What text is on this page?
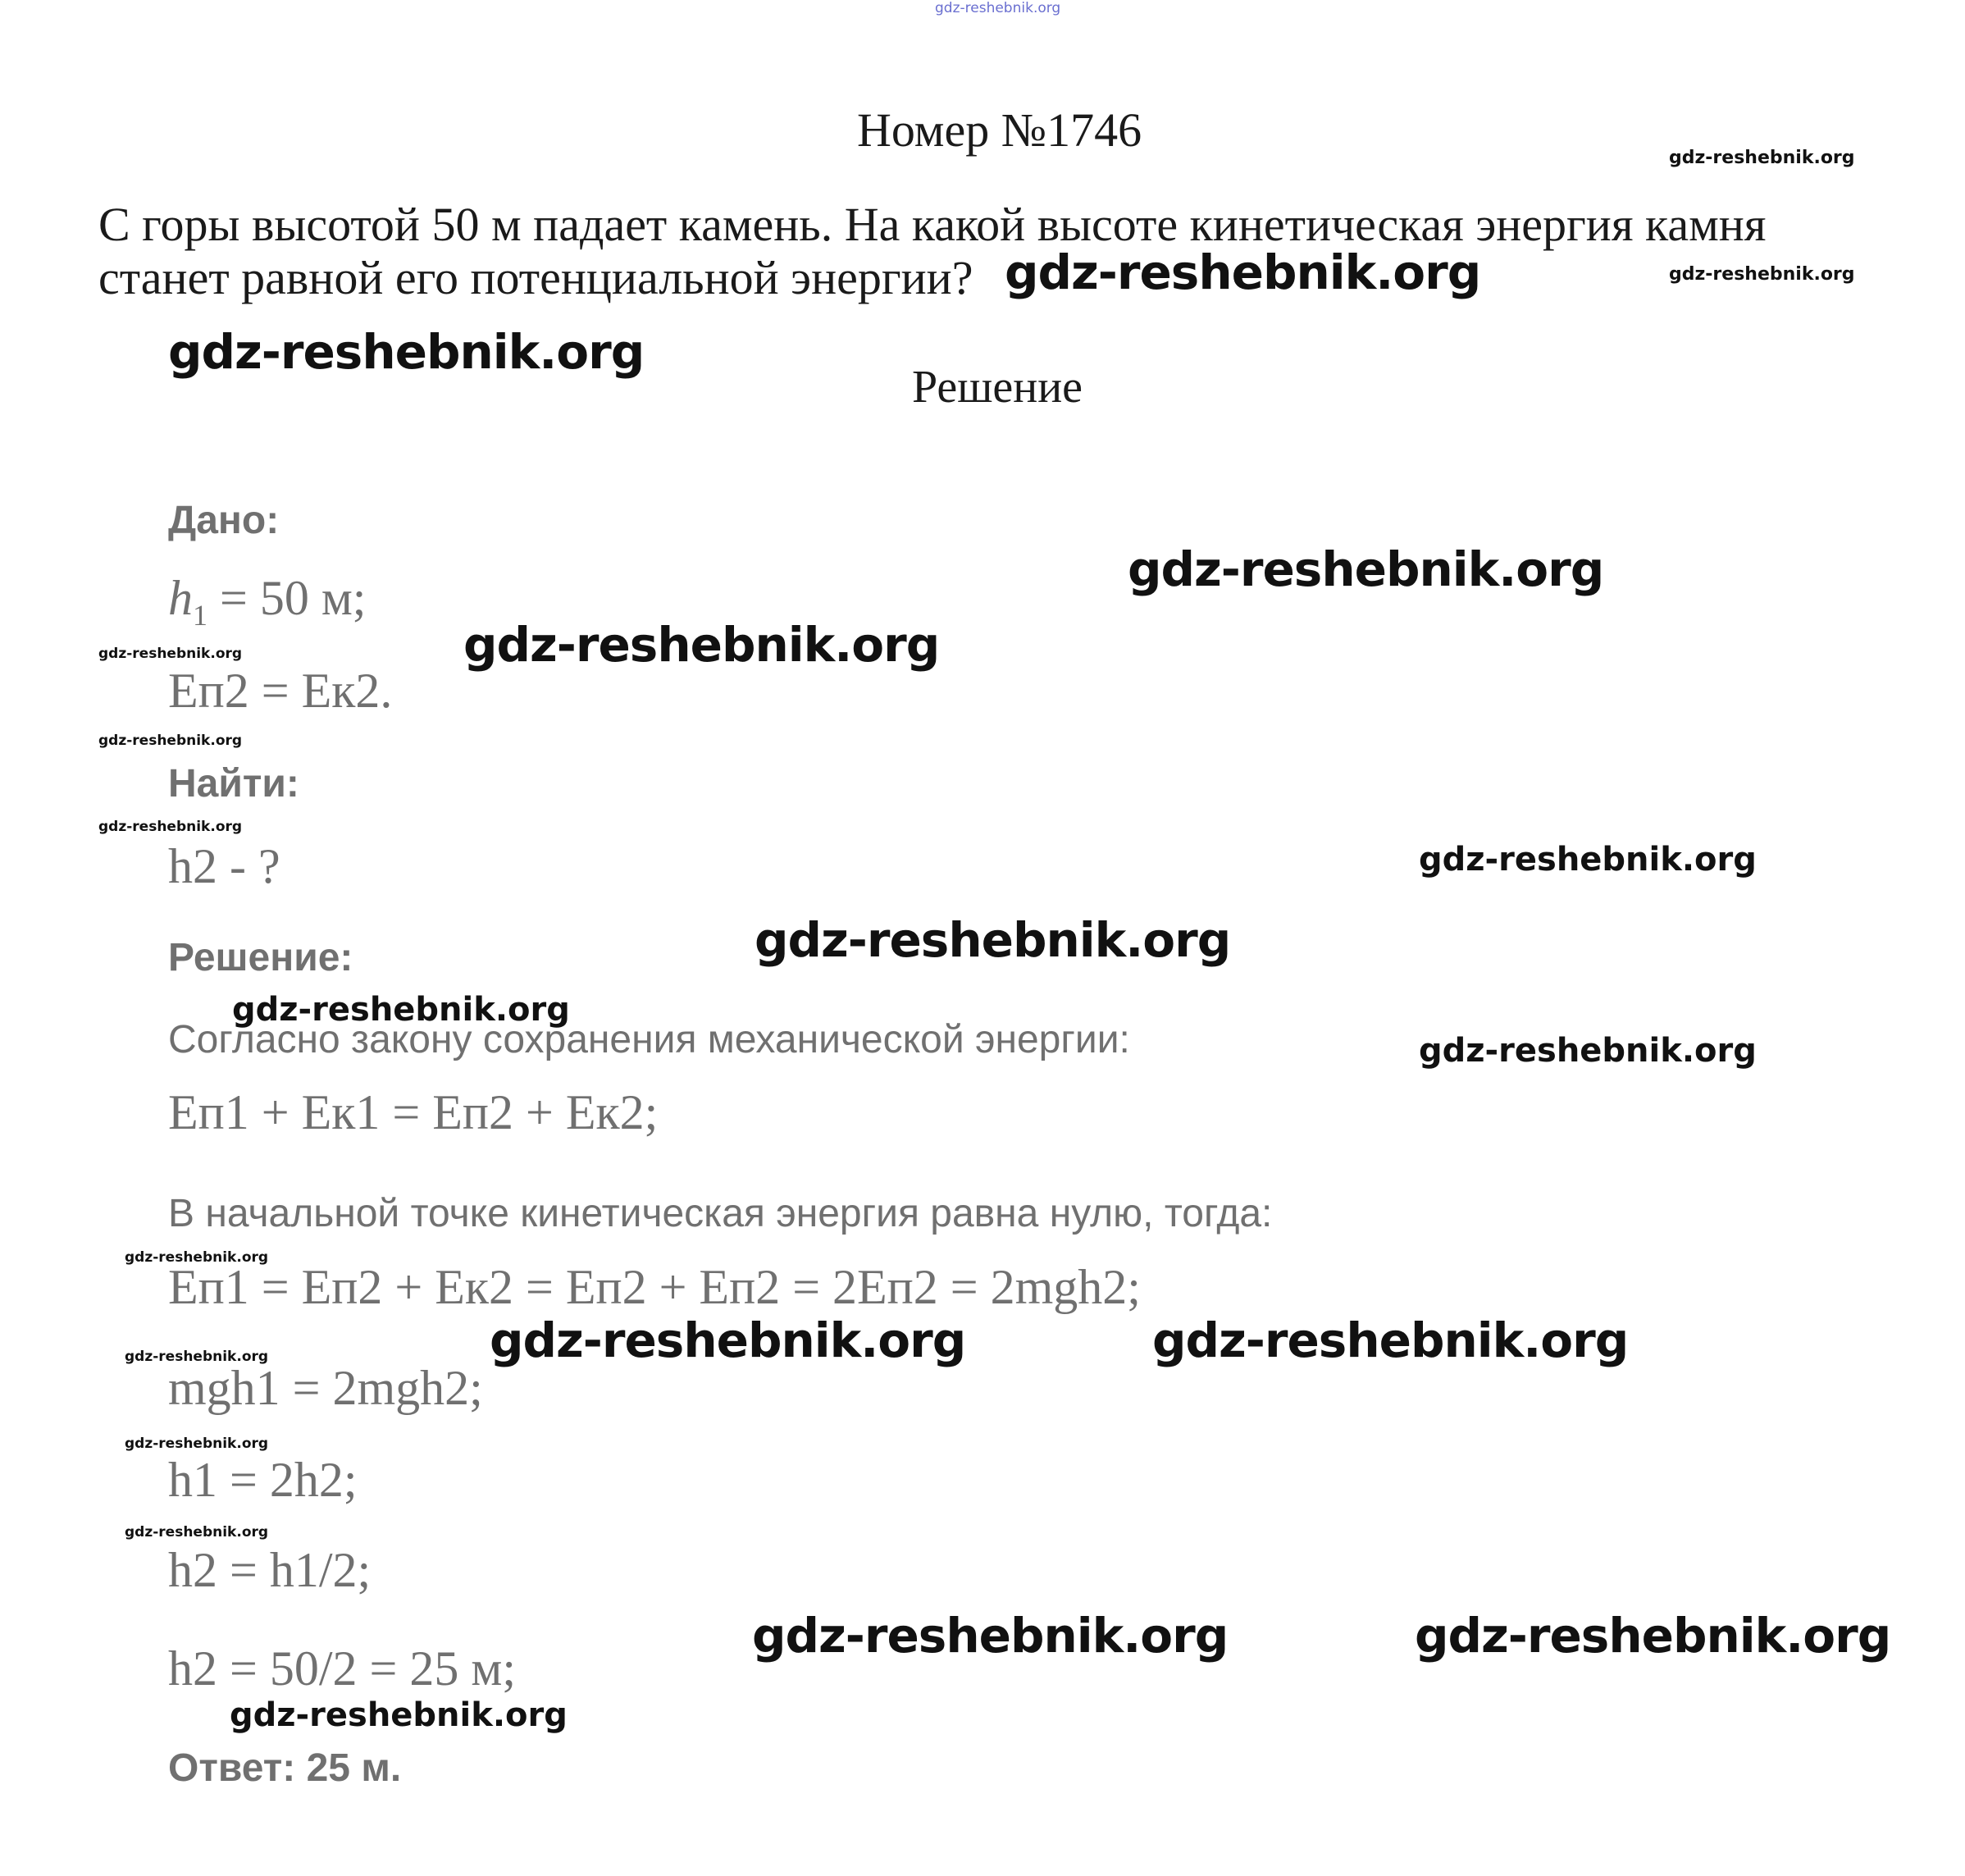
gdz-reshebnik.org
Номер №1746
С горы высотой 50 м падает камень. На какой высоте кинетическая энергия камня
станет равной его потенциальной энергии?
Решение
Дано:
$h_1 = 50$ м;
Eп2 = Eк2.
Найти:
h2 - ?
Решение:
Согласно закону сохранения механической энергии:
Eп1 + Eк1 = Eп2 + Eк2;
В начальной точке кинетическая энергия равна нулю, тогда:
Eп1 = Eп2 + Eк2 = Eп2 + Eп2 = 2Eп2 = 2mgh2;
mgh1 = 2mgh2;
h1 = 2h2;
h2 = h1/2;
h2 = 50/2 = 25 м;
Ответ: 25 м.
gdz-reshebnik.org
gdz-reshebnik.org
gdz-reshebnik.org
gdz-reshebnik.org
gdz-reshebnik.org
gdz-reshebnik.org	gdz-reshebnik.org
gdz-reshebnik.org	gdz-reshebnik.org
gdz-reshebnik.org
gdz-reshebnik.org
gdz-reshebnik.org
gdz-reshebnik.org
gdz-reshebnik.org
gdz-reshebnik.org
gdz-reshebnik.org
gdz-reshebnik.org
gdz-reshebnik.org
gdz-reshebnik.org
gdz-reshebnik.org
gdz-reshebnik.org
gdz-reshebnik.org
